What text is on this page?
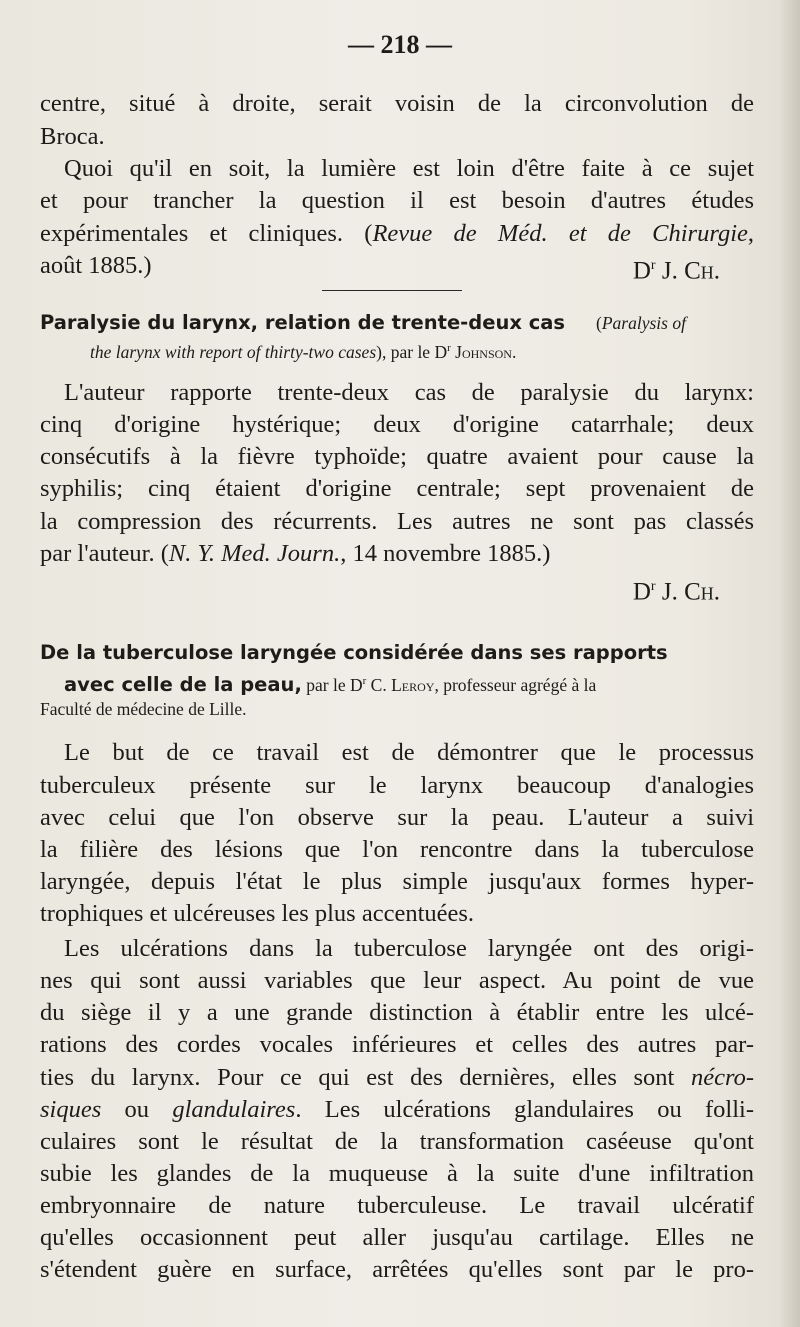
— 218 —
centre, situé à droite, serait voisin de la circonvolution de
Broca.
Quoi qu'il en soit, la lumière est loin d'être faite à ce sujet
et pour trancher la question il est besoin d'autres études
expérimentales et cliniques. (Revue de Méd. et de Chirurgie,
août 1885.)	$D^r$ J. Ch.
Paralysie du larynx, relation de trente-deux cas (Paralysis of
the larynx with report of thirty-two cases), par le $D^r$ Johnson.
L'auteur rapporte trente-deux cas de paralysie du larynx:
cinq d'origine hystérique; deux d'origine catarrhale; deux
consécutifs à la fièvre typhoïde; quatre avaient pour cause la
syphilis; cinq étaient d'origine centrale; sept provenaient de
la compression des récurrents. Les autres ne sont pas classés
par l'auteur. (N. Y. Med. Journ., 14 novembre 1885.)
$D^r$ J. Ch.
De la tuberculose laryngée considérée dans ses rapports
avec celle de la peau, par le $D^r$ C. Leroy, professeur agrégé à la
Faculté de médecine de Lille.
Le but de ce travail est de démontrer que le processus
tuberculeux présente sur le larynx beaucoup d'analogies
avec celui que l'on observe sur la peau. L'auteur a suivi
la filière des lésions que l'on rencontre dans la tuberculose
laryngée, depuis l'état le plus simple jusqu'aux formes hyper-
trophiques et ulcéreuses les plus accentuées.
Les ulcérations dans la tuberculose laryngée ont des origi-
nes qui sont aussi variables que leur aspect. Au point de vue
du siège il y a une grande distinction à établir entre les ulcé-
rations des cordes vocales inférieures et celles des autres par-
ties du larynx. Pour ce qui est des dernières, elles sont nécro-
siques ou glandulaires. Les ulcérations glandulaires ou folli-
culaires sont le résultat de la transformation caséeuse qu'ont
subie les glandes de la muqueuse à la suite d'une infiltration
embryonnaire de nature tuberculeuse. Le travail ulcératif
qu'elles occasionnent peut aller jusqu'au cartilage. Elles ne
s'étendent guère en surface, arrêtées qu'elles sont par le pro-
